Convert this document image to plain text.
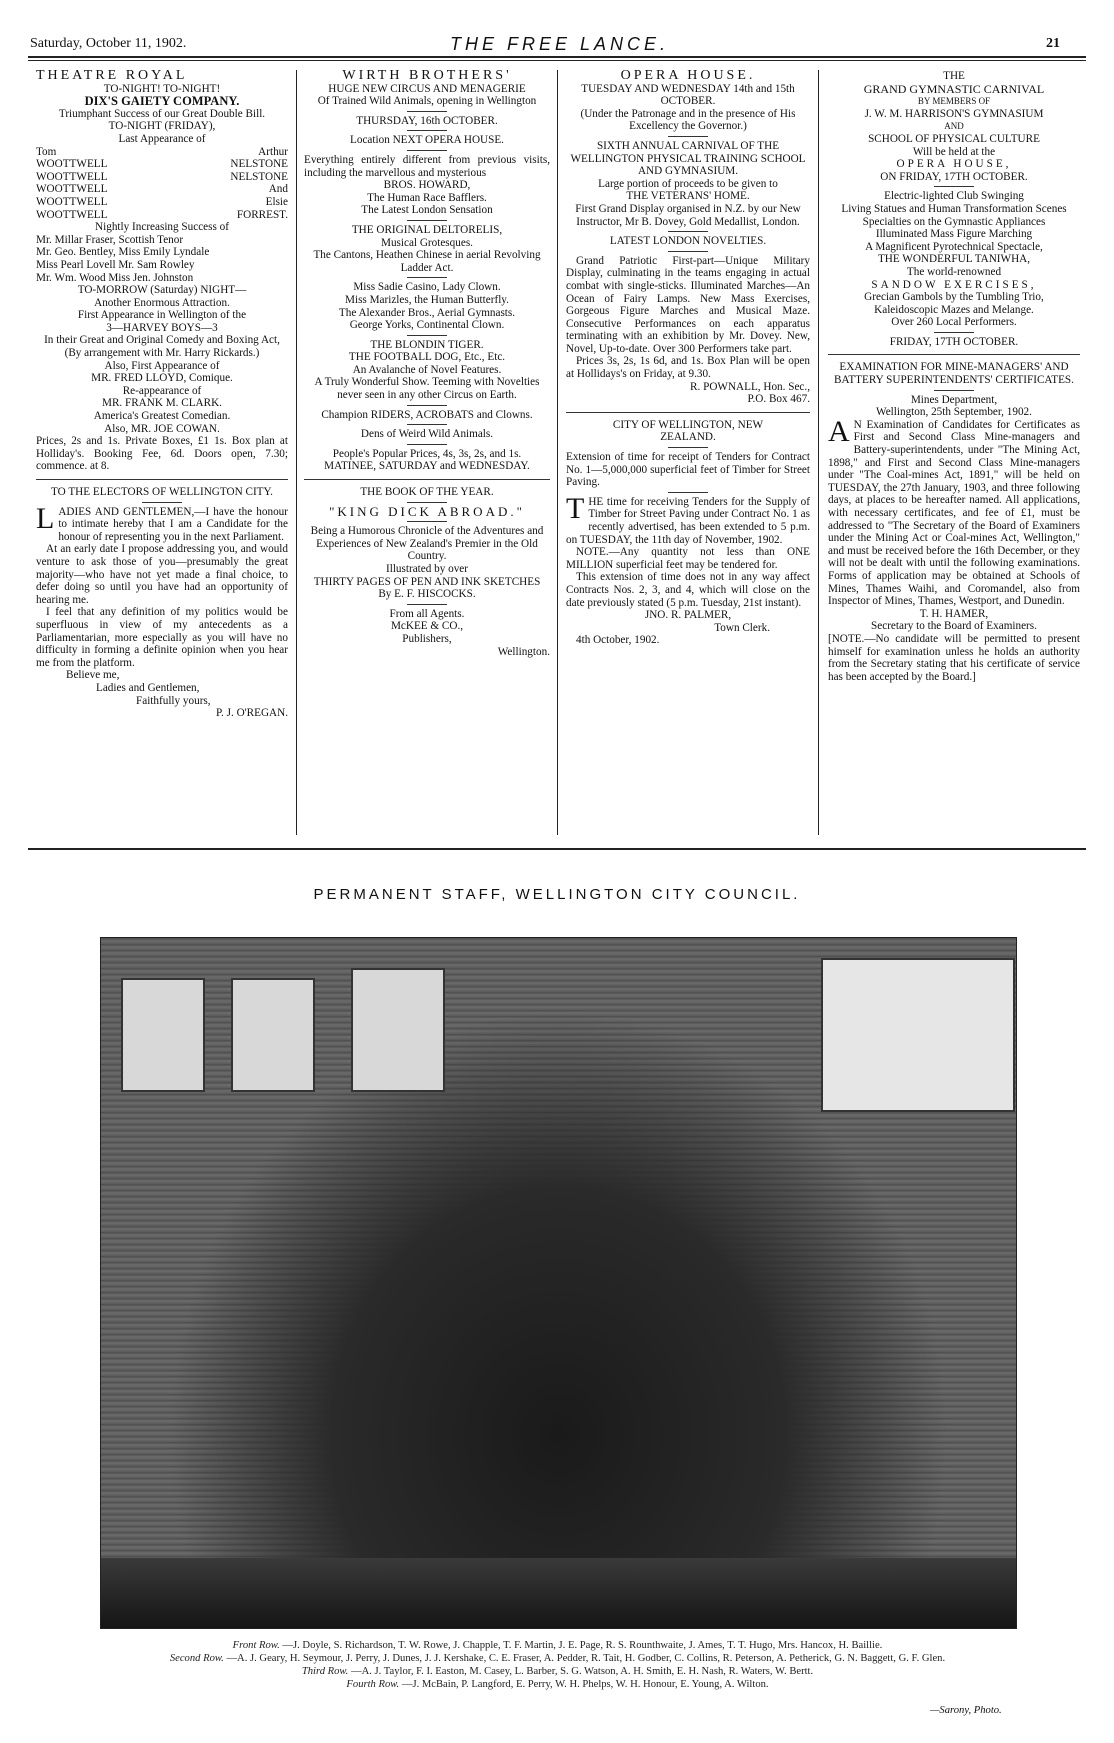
Saturday, October 11, 1902.	THE FREE LANCE.	21

THEATRE ROYAL

TO-NIGHT! TO-NIGHT!

DIX'S GAIETY COMPANY.

Triumphant Success of our Great Double Bill.

TO-NIGHT (FRIDAY),

Last Appearance of

Tom	Arthur
WOOTTWELL	NELSTONE
WOOTTWELL	NELSTONE
WOOTTWELL	And
WOOTTWELL	Elsie
WOOTTWELL	FORREST.

Nightly Increasing Success of

Mr. Millar Fraser, Scottish Tenor

Mr. Geo. Bentley, Miss Emily Lyndale

Miss Pearl Lovell Mr. Sam Rowley

Mr. Wm. Wood Miss Jen. Johnston

TO-MORROW (Saturday) NIGHT—

Another Enormous Attraction.

First Appearance in Wellington of the

3—HARVEY BOYS—3

In their Great and Original Comedy and Boxing Act,

(By arrangement with Mr. Harry Rickards.)

Also, First Appearance of

MR. FRED LLOYD, Comique.

Re-appearance of

MR. FRANK M. CLARK.

America's Greatest Comedian.

Also, MR. JOE COWAN.

Prices, 2s and 1s. Private Boxes, £1 1s. Box plan at Holliday's. Booking Fee, 6d. Doors open, 7.30; commence. at 8.

TO THE ELECTORS OF WELLINGTON CITY.

LADIES AND GENTLEMEN,—I have the honour to intimate hereby that I am a Candidate for the honour of representing you in the next Parliament.

At an early date I propose addressing you, and would venture to ask those of you—presumably the great majority—who have not yet made a final choice, to defer doing so until you have had an opportunity of hearing me.

I feel that any definition of my politics would be superfluous in view of my antecedents as a Parliamentarian, more especially as you will have no difficulty in forming a definite opinion when you hear me from the platform.

Believe me,

Ladies and Gentlemen,

Faithfully yours,

P. J. O'REGAN.

WIRTH BROTHERS'

HUGE NEW CIRCUS AND MENAGERIE

Of Trained Wild Animals, opening in Wellington

THURSDAY, 16th OCTOBER.

Location NEXT OPERA HOUSE.

Everything entirely different from previous visits, including the marvellous and mysterious

BROS. HOWARD,

The Human Race Bafflers.

The Latest London Sensation

THE ORIGINAL DELTORELIS,

Musical Grotesques.

The Cantons, Heathen Chinese in aerial Revolving Ladder Act.

Miss Sadie Casino, Lady Clown.

Miss Marizles, the Human Butterfly.

The Alexander Bros., Aerial Gymnasts.

George Yorks, Continental Clown.

THE BLONDIN TIGER.

THE FOOTBALL DOG, Etc., Etc.

An Avalanche of Novel Features.

A Truly Wonderful Show. Teeming with Novelties never seen in any other Circus on Earth.

Champion RIDERS, ACROBATS and Clowns.

Dens of Weird Wild Animals.

People's Popular Prices, 4s, 3s, 2s, and 1s.

MATINEE, SATURDAY and WEDNESDAY.

THE BOOK OF THE YEAR.

"KING DICK ABROAD."

Being a Humorous Chronicle of the Adventures and Experiences of New Zealand's Premier in the Old Country.

Illustrated by over

THIRTY PAGES OF PEN AND INK SKETCHES

By E. F. HISCOCKS.

From all Agents.

McKEE & CO.,

Publishers,

Wellington.

OPERA HOUSE.

TUESDAY AND WEDNESDAY 14th and 15th OCTOBER.

(Under the Patronage and in the presence of His Excellency the Governor.)

SIXTH ANNUAL CARNIVAL OF THE WELLINGTON PHYSICAL TRAINING SCHOOL AND GYMNASIUM.

Large portion of proceeds to be given to

THE VETERANS' HOME.

First Grand Display organised in N.Z. by our New Instructor, Mr B. Dovey, Gold Medallist, London.

LATEST LONDON NOVELTIES.

Grand Patriotic First-part—Unique Military Display, culminating in the teams engaging in actual combat with single-sticks. Illuminated Marches—An Ocean of Fairy Lamps. New Mass Exercises, Gorgeous Figure Marches and Musical Maze. Consecutive Performances on each apparatus terminating with an exhibition by Mr. Dovey. New, Novel, Up-to-date. Over 300 Performers take part.

Prices 3s, 2s, 1s 6d, and 1s. Box Plan will be open at Hollidays's on Friday, at 9.30.

R. POWNALL, Hon. Sec.,

P.O. Box 467.

CITY OF WELLINGTON, NEW ZEALAND.

Extension of time for receipt of Tenders for Contract No. 1—5,000,000 superficial feet of Timber for Street Paving.

THE time for receiving Tenders for the Supply of Timber for Street Paving under Contract No. 1 as recently advertised, has been extended to 5 p.m. on TUESDAY, the 11th day of November, 1902.

NOTE.—Any quantity not less than ONE MILLION superficial feet may be tendered for.

This extension of time does not in any way affect Contracts Nos. 2, 3, and 4, which will close on the date previously stated (5 p.m. Tuesday, 21st instant).

JNO. R. PALMER,

Town Clerk.

4th October, 1902.

THE

GRAND GYMNASTIC CARNIVAL

BY MEMBERS OF

J. W. M. HARRISON'S GYMNASIUM

AND

SCHOOL OF PHYSICAL CULTURE

Will be held at the

OPERA HOUSE,

ON FRIDAY, 17TH OCTOBER.

Electric-lighted Club Swinging

Living Statues and Human Transformation Scenes

Specialties on the Gymnastic Appliances

Illuminated Mass Figure Marching

A Magnificent Pyrotechnical Spectacle,

THE WONDERFUL TANIWHA,

The world-renowned

SANDOW EXERCISES,

Grecian Gambols by the Tumbling Trio,

Kaleidoscopic Mazes and Melange.

Over 260 Local Performers.

FRIDAY, 17TH OCTOBER.

EXAMINATION FOR MINE-MANAGERS' AND BATTERY SUPERINTENDENTS' CERTIFICATES.

Mines Department,

Wellington, 25th September, 1902.

A N Examination of Candidates for Certificates as First and Second Class Mine-managers and Battery-superintendents, under "The Mining Act, 1898," and First and Second Class Mine-managers under "The Coal-mines Act, 1891," will be held on TUESDAY, the 27th January, 1903, and three following days, at places to be hereafter named. All applications, with necessary certificates, and fee of £1, must be addressed to "The Secretary of the Board of Examiners under the Mining Act or Coal-mines Act, Wellington," and must be received before the 16th December, or they will not be dealt with until the following examinations. Forms of application may be obtained at Schools of Mines, Thames Waihi, and Coromandel, also from Inspector of Mines, Thames, Westport, and Dunedin.

T. H. HAMER,

Secretary to the Board of Examiners.

[NOTE.—No candidate will be permitted to present himself for examination unless he holds an authority from the Secretary stating that his certificate of service has been accepted by the Board.]

PERMANENT STAFF, WELLINGTON CITY COUNCIL.
Front Row. —J. Doyle, S. Richardson, T. W. Rowe, J. Chapple, T. F. Martin, J. E. Page, R. S. Rounthwaite, J. Ames, T. T. Hugo, Mrs. Hancox, H. Baillie.
Second Row. —A. J. Geary, H. Seymour, J. Perry, J. Dunes, J. J. Kershake, C. E. Fraser, A. Pedder, R. Tait, H. Godber, C. Collins, R. Peterson, A. Petherick, G. N. Baggett, G. F. Glen.
Third Row. —A. J. Taylor, F. I. Easton, M. Casey, L. Barber, S. G. Watson, A. H. Smith, E. H. Nash, R. Waters, W. Bertt.
Fourth Row. —J. McBain, P. Langford, E. Perry, W. H. Phelps, W. H. Honour, E. Young, A. Wilton.
—Sarony, Photo.
